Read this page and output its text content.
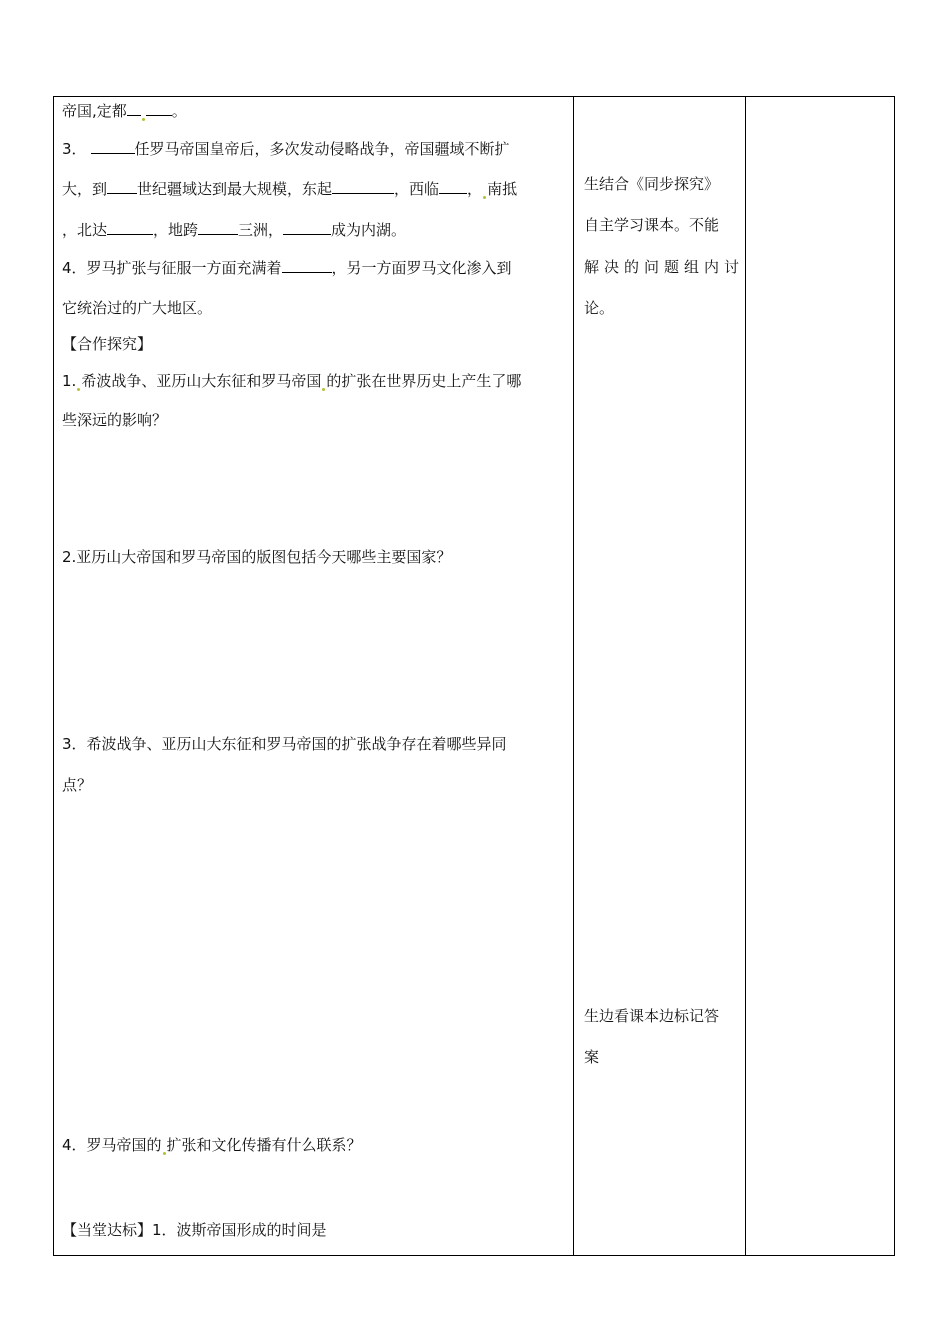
帝国,定都	。
3．	任罗马帝国皇帝后，多次发动侵略战争，帝国疆域不断扩
大，到 世纪疆域达到最大规模，东起	，西临 ， 南抵
，北达	，地跨	三洲，	成为内湖。
4．罗马扩张与征服一方面充满着	，另一方面罗马文化渗入到
它统治过的广大地区。
【合作探究】
1. 希波战争、亚历山大东征和罗马帝国 的扩张在世界历史上产生了哪
些深远的影响？
2.亚历山大帝国和罗马帝国的版图包括今天哪些主要国家？
3．希波战争、亚历山大东征和罗马帝国的扩张战争存在着哪些异同
点？
4．罗马帝国的 扩张和文化传播有什么联系？
【当堂达标】1．波斯帝国形成的时间是
生结合《同步探究》
自主学习课本。不能
解决的问题组内讨
论。
生边看课本边标记答
案
